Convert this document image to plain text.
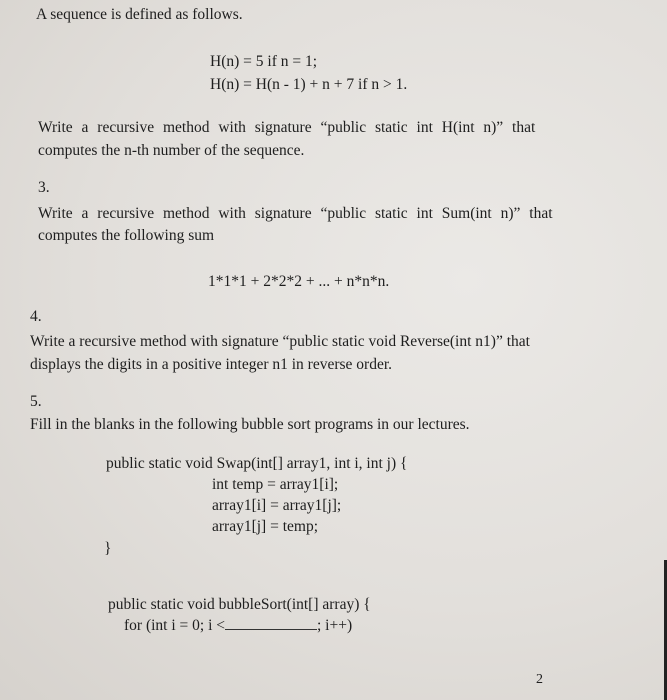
A sequence is defined as follows.
H(n) = 5 if n = 1;
H(n) = H(n - 1) + n + 7 if n > 1.
Write a recursive method with signature “public static int H(int n)” that
computes the n-th number of the sequence.
3.
Write a recursive method with signature “public static int Sum(int n)” that
computes the following sum
1*1*1 + 2*2*2 + ... + n*n*n.
4.
Write a recursive method with signature “public static void Reverse(int n1)” that
displays the digits in a positive integer n1 in reverse order.
5.
Fill in the blanks in the following bubble sort programs in our lectures.
public static void Swap(int[] array1, int i, int j) {
int temp = array1[i];
array1[i] = array1[j];
array1[j] = temp;
}
public static void bubbleSort(int[] array) {
for (int i = 0; i <	; i++)
2
